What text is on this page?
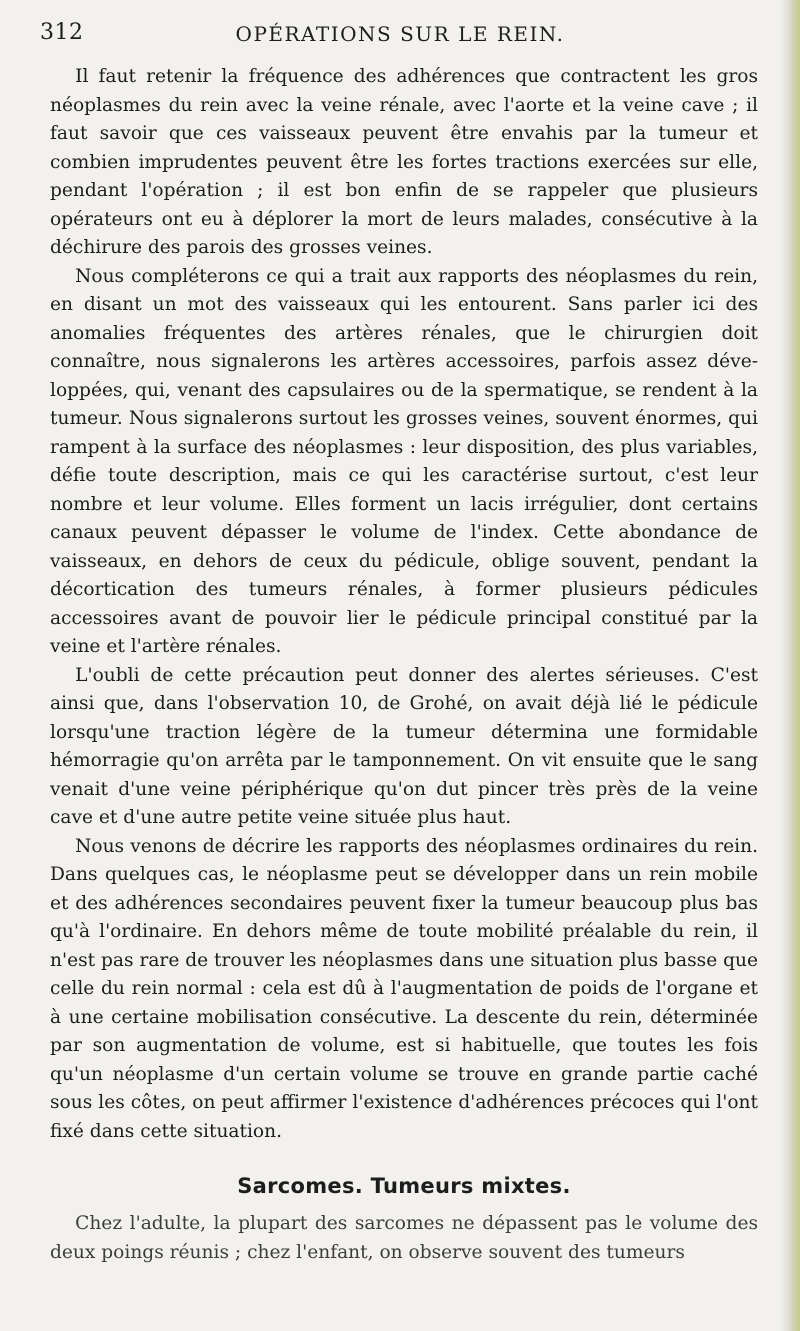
312	OPÉRATIONS SUR LE REIN.

Il faut retenir la fréquence des adhérences que contractent les gros néoplasmes du rein avec la veine rénale, avec l'aorte et la veine cave ; il faut savoir que ces vaisseaux peuvent être envahis par la tumeur et combien imprudentes peuvent être les fortes tractions exercées sur elle, pendant l'opération ; il est bon enfin de se rappeler que plusieurs opérateurs ont eu à déplorer la mort de leurs malades, consécutive à la déchirure des parois des grosses veines.

Nous compléterons ce qui a trait aux rapports des néoplasmes du rein, en disant un mot des vaisseaux qui les entourent. Sans parler ici des anomalies fréquentes des artères rénales, que le chirurgien doit connaître, nous signalerons les artères accessoires, parfois assez développées, qui, venant des capsulaires ou de la spermatique, se rendent à la tumeur. Nous signalerons surtout les grosses veines, souvent énormes, qui rampent à la surface des néoplasmes : leur disposition, des plus variables, défie toute description, mais ce qui les caractérise surtout, c'est leur nombre et leur volume. Elles forment un lacis irrégulier, dont certains canaux peuvent dépasser le volume de l'index. Cette abondance de vaisseaux, en dehors de ceux du pédicule, oblige souvent, pendant la décortication des tumeurs rénales, à former plusieurs pédicules accessoires avant de pouvoir lier le pédicule principal constitué par la veine et l'artère rénales.

L'oubli de cette précaution peut donner des alertes sérieuses. C'est ainsi que, dans l'observation 10, de Grohé, on avait déjà lié le pédicule lorsqu'une traction légère de la tumeur détermina une formidable hémorragie qu'on arrêta par le tamponnement. On vit ensuite que le sang venait d'une veine périphérique qu'on dut pincer très près de la veine cave et d'une autre petite veine située plus haut.

Nous venons de décrire les rapports des néoplasmes ordinaires du rein. Dans quelques cas, le néoplasme peut se développer dans un rein mobile et des adhérences secondaires peuvent fixer la tumeur beaucoup plus bas qu'à l'ordinaire. En dehors même de toute mobilité préalable du rein, il n'est pas rare de trouver les néoplasmes dans une situation plus basse que celle du rein normal : cela est dû à l'augmentation de poids de l'organe et à une certaine mobilisation consécutive. La descente du rein, déterminée par son augmentation de volume, est si habituelle, que toutes les fois qu'un néoplasme d'un certain volume se trouve en grande partie caché sous les côtes, on peut affirmer l'existence d'adhérences précoces qui l'ont fixé dans cette situation.

Sarcomes. Tumeurs mixtes.

Chez l'adulte, la plupart des sarcomes ne dépassent pas le volume des deux poings réunis ; chez l'enfant, on observe souvent des tumeurs
